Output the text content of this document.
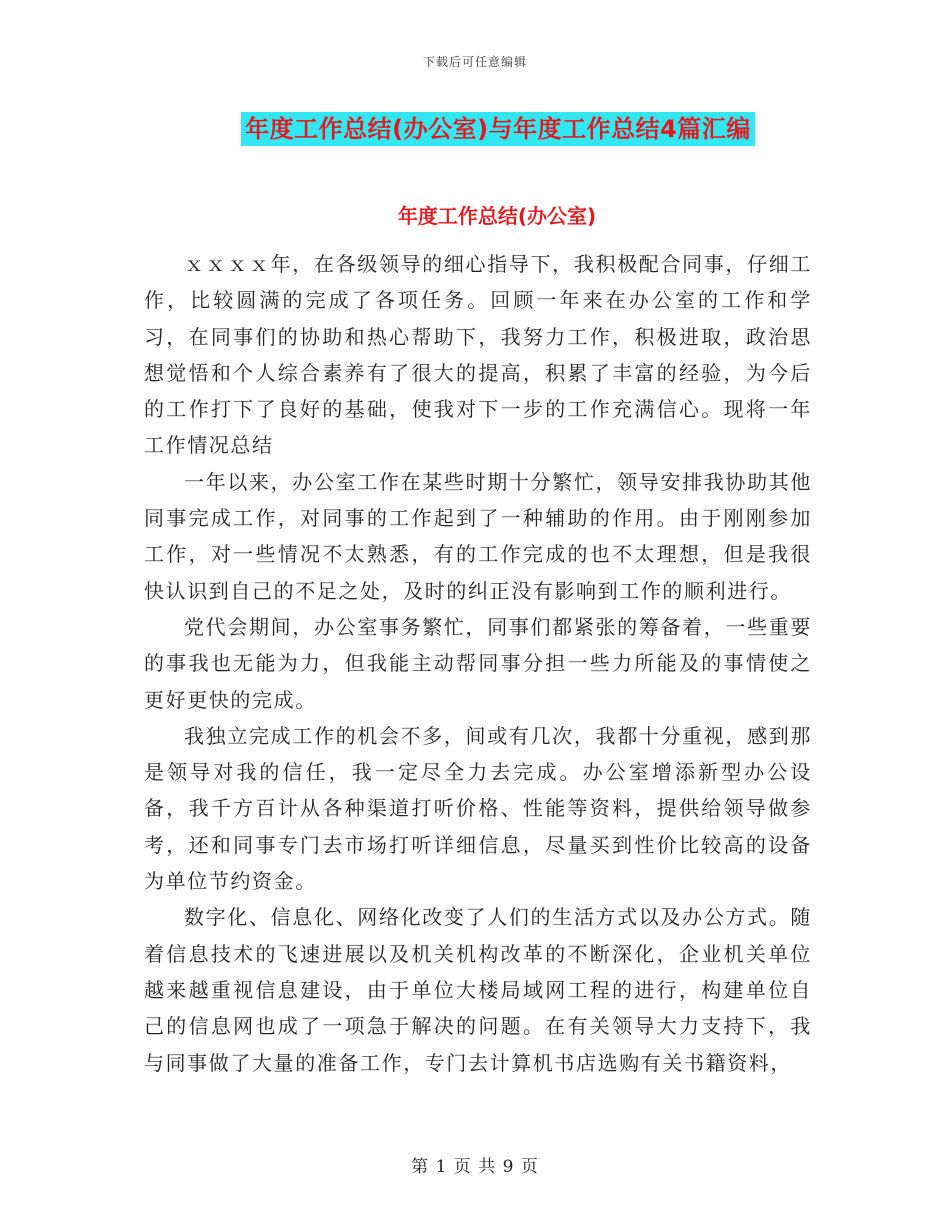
下载后可任意编辑
年度工作总结(办公室)与年度工作总结4篇汇编
年度工作总结(办公室)

ｘｘｘｘ年，在各级领导的细心指导下，我积极配合同事，仔细工作，比较圆满的完成了各项任务。回顾一年来在办公室的工作和学习，在同事们的协助和热心帮助下，我努力工作，积极进取，政治思想觉悟和个人综合素养有了很大的提高，积累了丰富的经验，为今后的工作打下了良好的基础，使我对下一步的工作充满信心。现将一年工作情况总结

一年以来，办公室工作在某些时期十分繁忙，领导安排我协助其他同事完成工作，对同事的工作起到了一种辅助的作用。由于刚刚参加工作，对一些情况不太熟悉，有的工作完成的也不太理想，但是我很快认识到自己的不足之处，及时的纠正没有影响到工作的顺利进行。

党代会期间，办公室事务繁忙，同事们都紧张的筹备着，一些重要的事我也无能为力，但我能主动帮同事分担一些力所能及的事情使之更好更快的完成。

我独立完成工作的机会不多，间或有几次，我都十分重视，感到那是领导对我的信任，我一定尽全力去完成。办公室增添新型办公设备，我千方百计从各种渠道打听价格、性能等资料，提供给领导做参考，还和同事专门去市场打听详细信息，尽量买到性价比较高的设备为单位节约资金。

数字化、信息化、网络化改变了人们的生活方式以及办公方式。随着信息技术的飞速进展以及机关机构改革的不断深化，企业机关单位越来越重视信息建设，由于单位大楼局域网工程的进行，构建单位自己的信息网也成了一项急于解决的问题。在有关领导大力支持下，我与同事做了大量的准备工作，专门去计算机书店选购有关书籍资料，

第 1 页 共 9 页
